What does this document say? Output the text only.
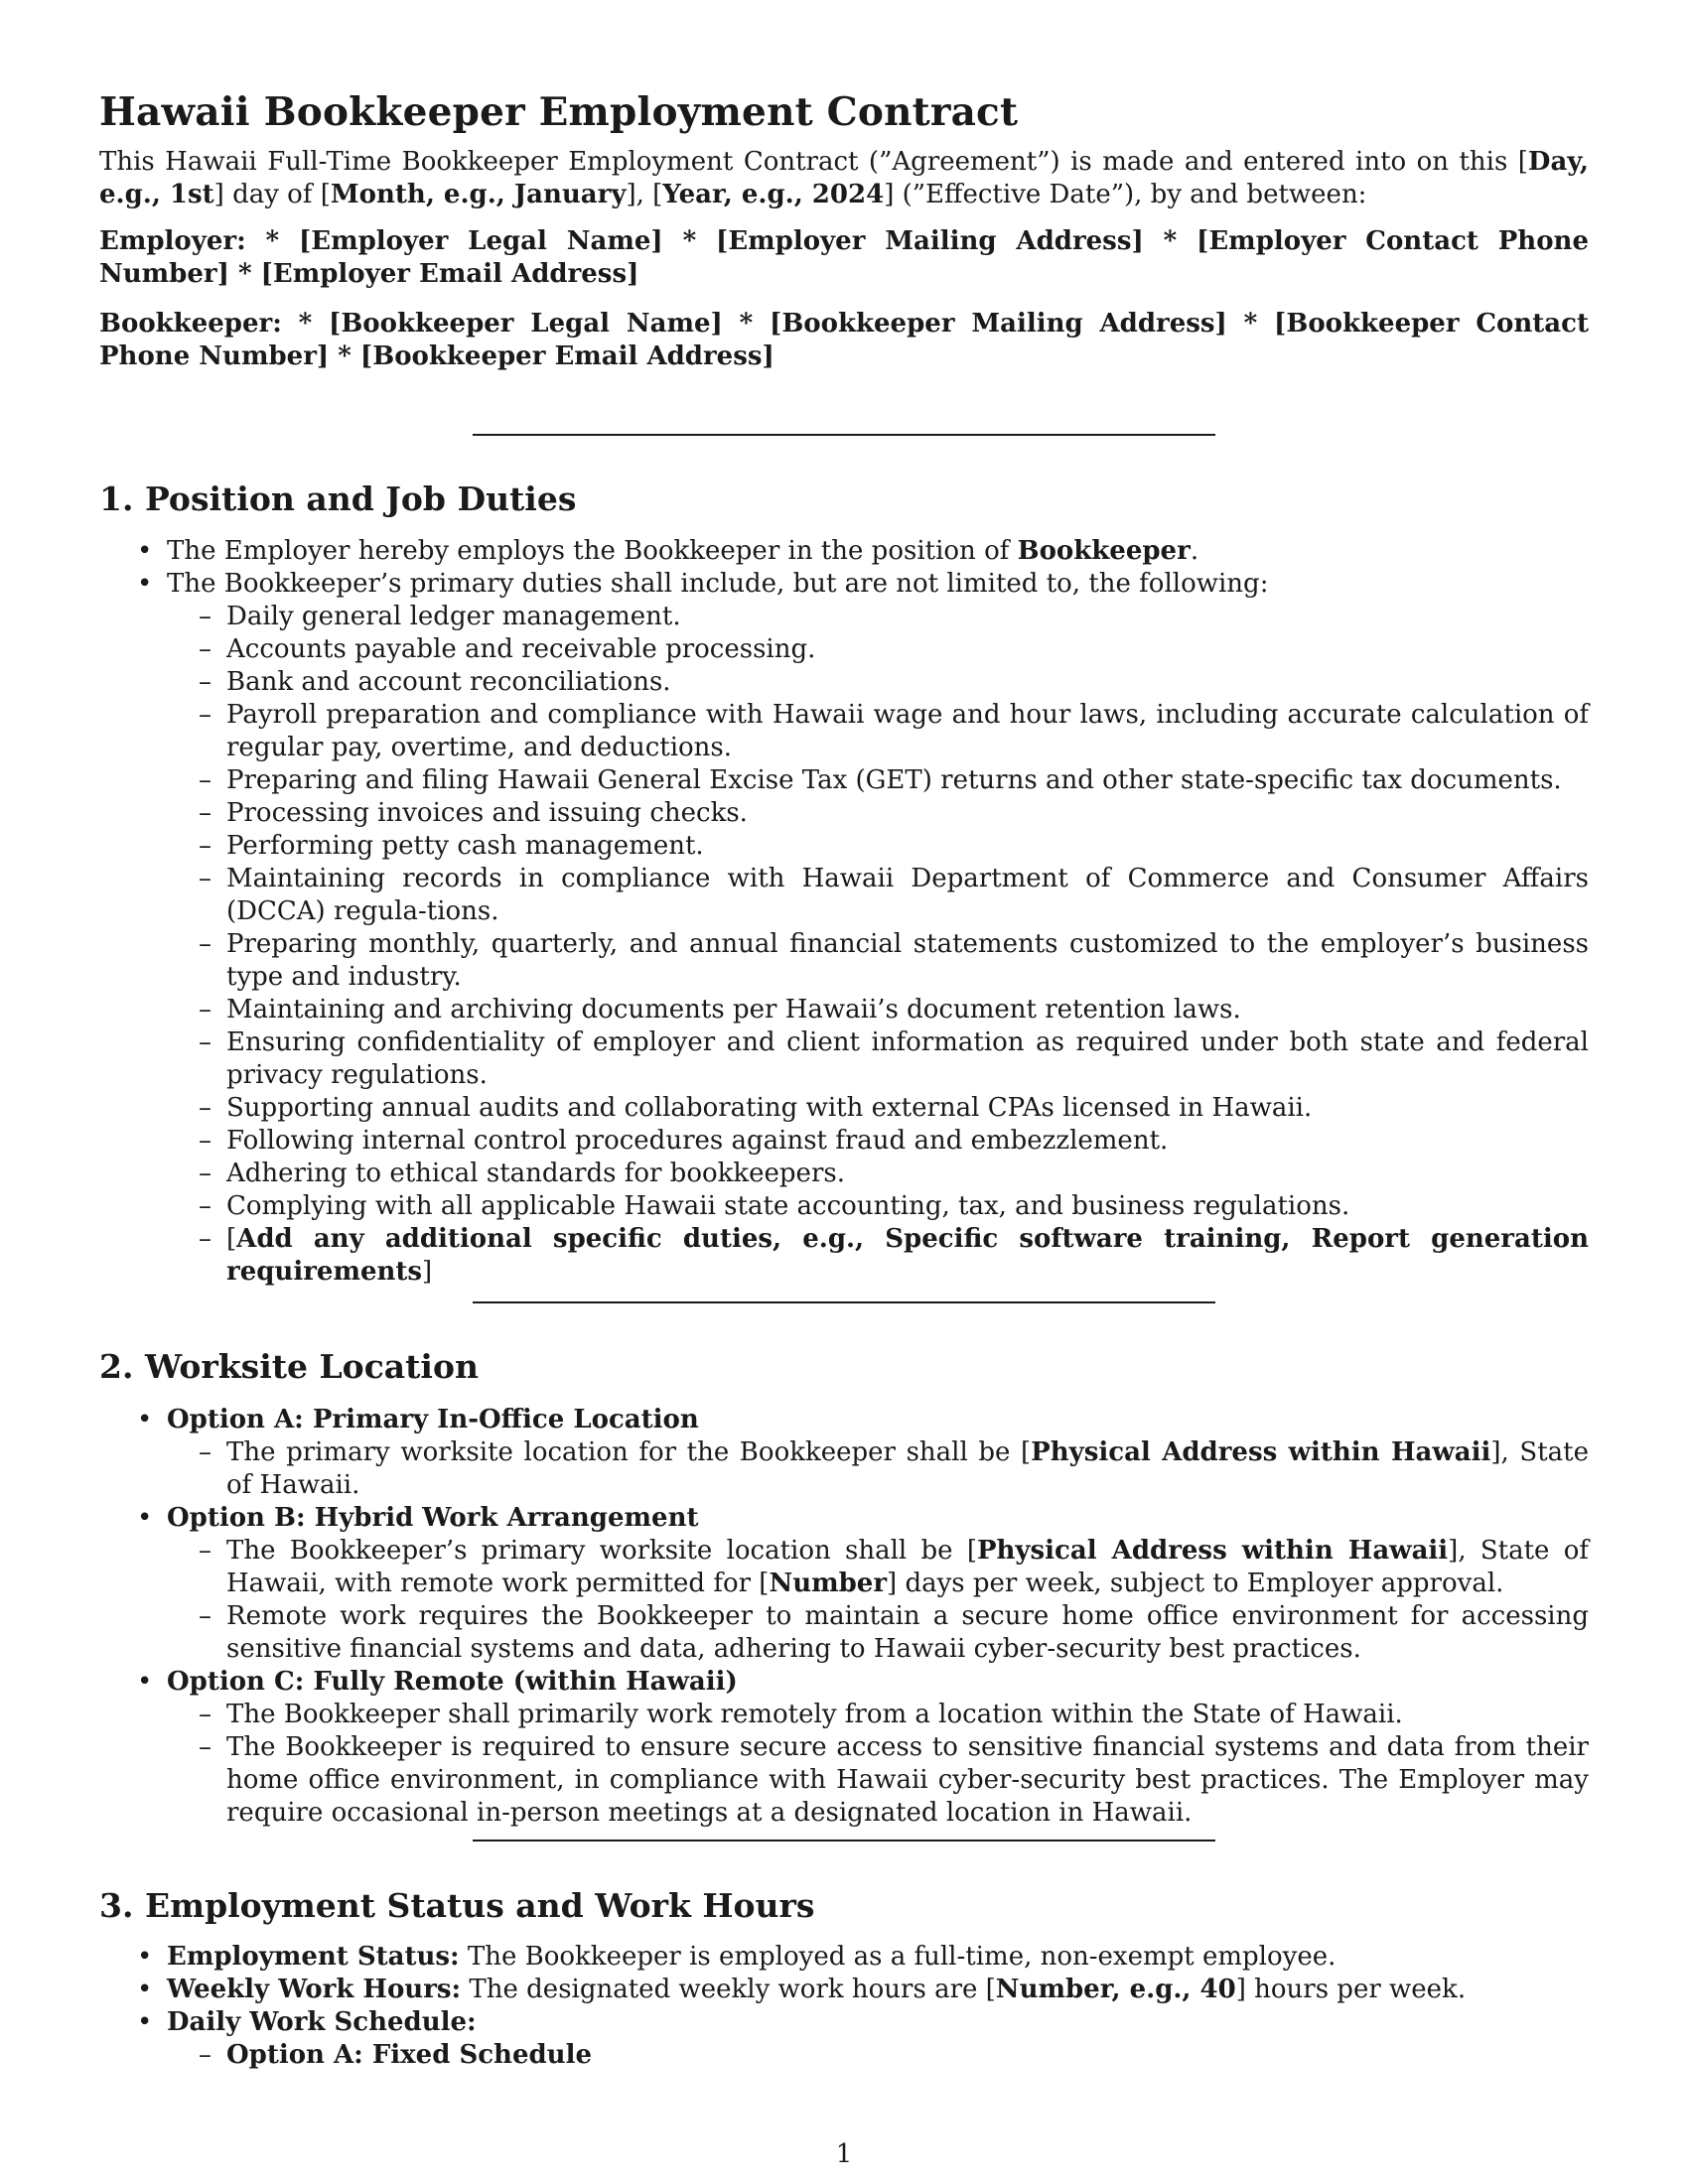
Hawaii Bookkeeper Employment Contract

This Hawaii Full-Time Bookkeeper Employment Contract (”Agreement”) is made and entered into on this [Day, e.g., 1st] day of [Month, e.g., January], [Year, e.g., 2024] (”Effective Date”), by and between:

Employer: * [Employer Legal Name] * [Employer Mailing Address] * [Employer Contact Phone Number] * [Employer Email Address]

Bookkeeper: * [Bookkeeper Legal Name] * [Bookkeeper Mailing Address] * [Bookkeeper Contact Phone Number] * [Bookkeeper Email Address]

1. Position and Job Duties
• The Employer hereby employs the Bookkeeper in the position of Bookkeeper.
• The Bookkeeper’s primary duties shall include, but are not limited to, the following:
– Daily general ledger management.
– Accounts payable and receivable processing.
– Bank and account reconciliations.
– Payroll preparation and compliance with Hawaii wage and hour laws, including accurate calculation of regular pay, overtime, and deductions.
– Preparing and filing Hawaii General Excise Tax (GET) returns and other state-specific tax documents.
– Processing invoices and issuing checks.
– Performing petty cash management.
– Maintaining records in compliance with Hawaii Department of Commerce and Consumer Affairs (DCCA) regula-tions.
– Preparing monthly, quarterly, and annual financial statements customized to the employer’s business type and industry.
– Maintaining and archiving documents per Hawaii’s document retention laws.
– Ensuring confidentiality of employer and client information as required under both state and federal privacy regulations.
– Supporting annual audits and collaborating with external CPAs licensed in Hawaii.
– Following internal control procedures against fraud and embezzlement.
– Adhering to ethical standards for bookkeepers.
– Complying with all applicable Hawaii state accounting, tax, and business regulations.
– [Add any additional specific duties, e.g., Specific software training, Report generation requirements]
2. Worksite Location
• Option A: Primary In-Office Location
– The primary worksite location for the Bookkeeper shall be [Physical Address within Hawaii], State of Hawaii.
• Option B: Hybrid Work Arrangement
– The Bookkeeper’s primary worksite location shall be [Physical Address within Hawaii], State of Hawaii, with remote work permitted for [Number] days per week, subject to Employer approval.
– Remote work requires the Bookkeeper to maintain a secure home office environment for accessing sensitive financial systems and data, adhering to Hawaii cyber-security best practices.
• Option C: Fully Remote (within Hawaii)
– The Bookkeeper shall primarily work remotely from a location within the State of Hawaii.
– The Bookkeeper is required to ensure secure access to sensitive financial systems and data from their home office environment, in compliance with Hawaii cyber-security best practices. The Employer may require occasional in-person meetings at a designated location in Hawaii.
3. Employment Status and Work Hours
• Employment Status: The Bookkeeper is employed as a full-time, non-exempt employee.
• Weekly Work Hours: The designated weekly work hours are [Number, e.g., 40] hours per week.
• Daily Work Schedule:
– Option A: Fixed Schedule
1
